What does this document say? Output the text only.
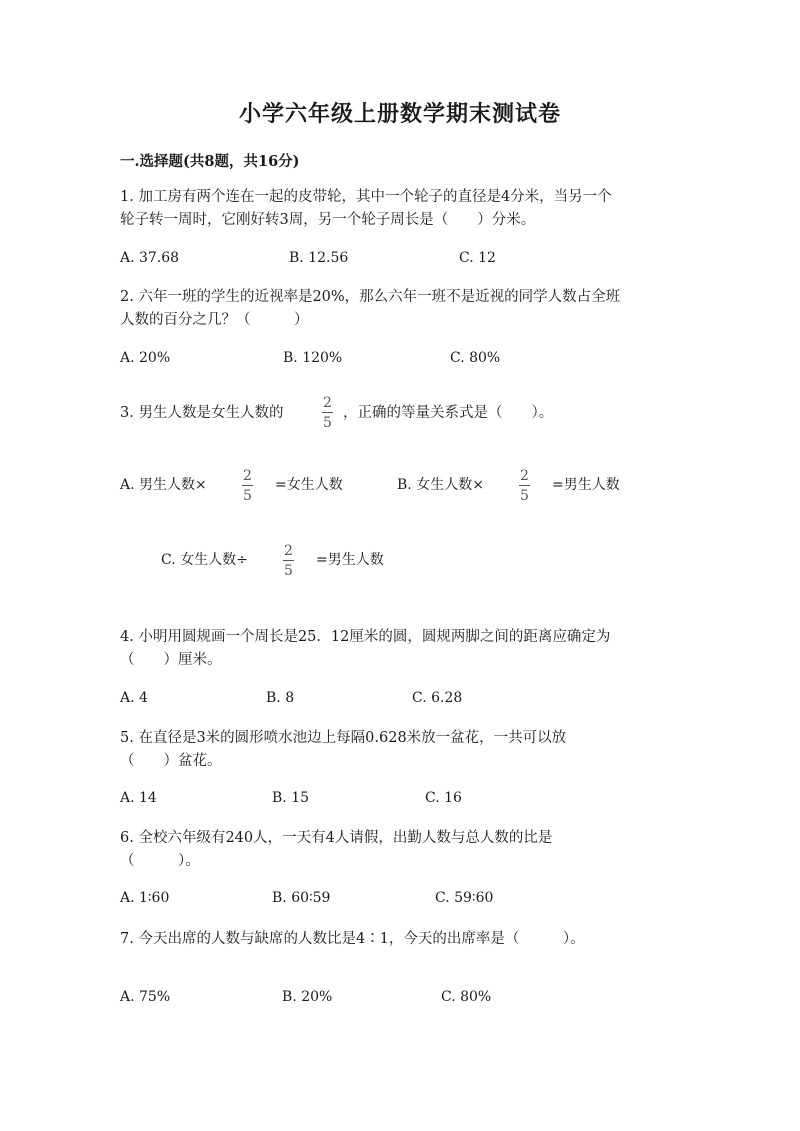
小学六年级上册数学期末测试卷
一.选择题(共8题，共16分)
1. 加工房有两个连在一起的皮带轮，其中一个轮子的直径是4分米，当另一个
轮子转一周时，它刚好转3周，另一个轮子周长是（　　）分米。
A. 37.68	B. 12.56	C. 12
2. 六年一班的学生的近视率是20%，那么六年一班不是近视的同学人数占全班
人数的百分之几？（　　　）
A. 20%	B. 120%	C. 80%
3. 男生人数是女生人数的
2
5
，正确的等量关系式是（　　）。
A. 男生人数×
2
5
=女生人数	B. 女生人数×
2
5
=男生人数
C. 女生人数÷
2
5
=男生人数
4. 小明用圆规画一个周长是25．12厘米的圆，圆规两脚之间的距离应确定为
（　　）厘米。
A. 4	B. 8	C. 6.28
5. 在直径是3米的圆形喷水池边上每隔0.628米放一盆花，一共可以放
（　　）盆花。
A. 14	B. 15	C. 16
6. 全校六年级有240人，一天有4人请假，出勤人数与总人数的比是
（　　　）。
A. 1∶60	B. 60∶59	C. 59∶60
7. 今天出席的人数与缺席的人数比是4∶1，今天的出席率是（　　　）。
A. 75%	B. 20%	C. 80%
